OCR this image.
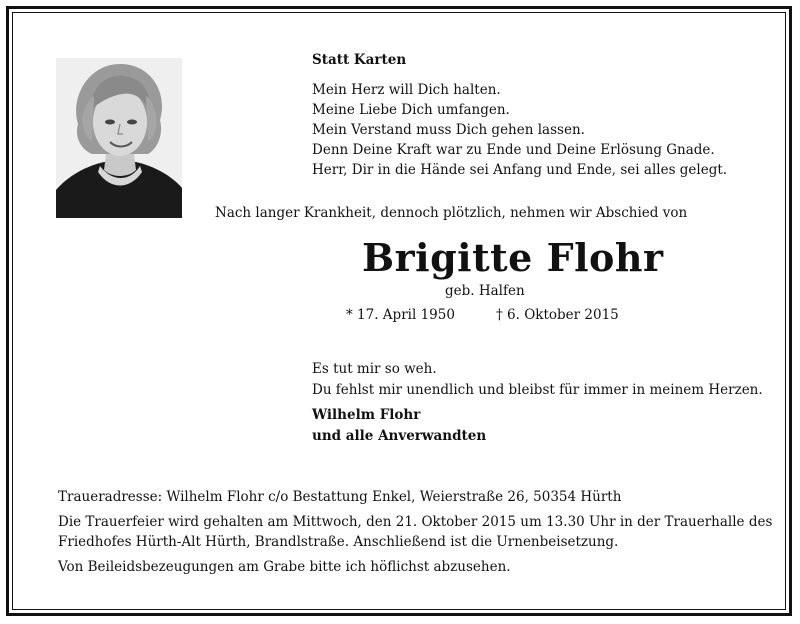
Statt Karten
Mein Herz will Dich halten.
Meine Liebe Dich umfangen.
Mein Verstand muss Dich gehen lassen.
Denn Deine Kraft war zu Ende und Deine Erlösung Gnade.
Herr, Dir in die Hände sei Anfang und Ende, sei alles gelegt.
Nach langer Krankheit, dennoch plötzlich, nehmen wir Abschied von
Brigitte Flohr
geb. Halfen
* 17. April 1950	† 6. Oktober 2015
Es tut mir so weh.
Du fehlst mir unendlich und bleibst für immer in meinem Herzen.
Wilhelm Flohr
und alle Anverwandten
Traueradresse: Wilhelm Flohr c/o Bestattung Enkel, Weierstraße 26, 50354 Hürth
Die Trauerfeier wird gehalten am Mittwoch, den 21. Oktober 2015 um 13.30 Uhr in der Trauerhalle des
Friedhofes Hürth-Alt Hürth, Brandlstraße. Anschließend ist die Urnenbeisetzung.
Von Beileidsbezeugungen am Grabe bitte ich höflichst abzusehen.
